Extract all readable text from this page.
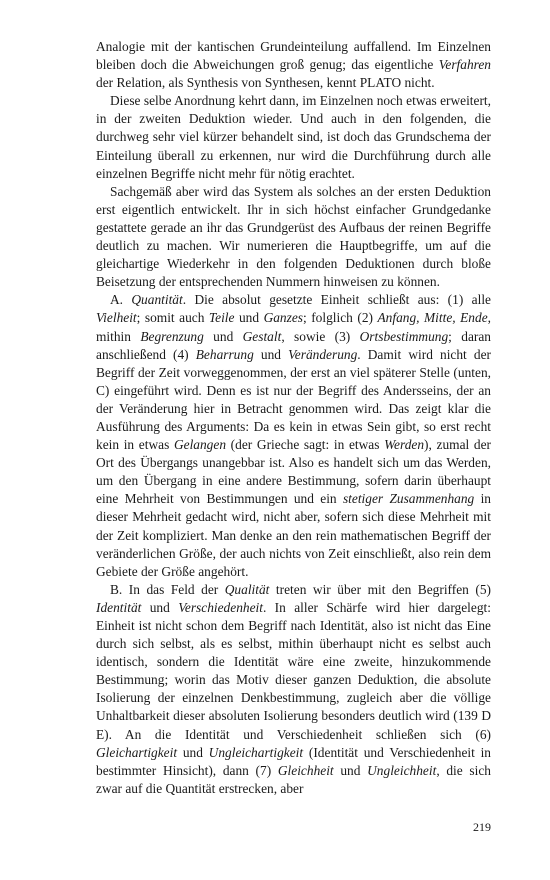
Analogie mit der kantischen Grundeinteilung auffallend. Im Einzelnen bleiben doch die Abweichungen groß genug; das eigentliche Verfahren der Relation, als Synthesis von Synthesen, kennt PLATO nicht.

Diese selbe Anordnung kehrt dann, im Einzelnen noch etwas erweitert, in der zweiten Deduktion wieder. Und auch in den folgenden, die durchweg sehr viel kürzer behandelt sind, ist doch das Grundschema der Einteilung überall zu erkennen, nur wird die Durchführung durch alle einzelnen Begriffe nicht mehr für nötig erachtet.

Sachgemäß aber wird das System als solches an der ersten Deduktion erst eigentlich entwickelt. Ihr in sich höchst einfacher Grundgedanke gestattete gerade an ihr das Grundgerüst des Aufbaus der reinen Begriffe deutlich zu machen. Wir numerieren die Hauptbegriffe, um auf die gleichartige Wiederkehr in den folgenden Deduktionen durch bloße Beisetzung der entsprechenden Nummern hinweisen zu können.

A. Quantität. Die absolut gesetzte Einheit schließt aus: (1) alle Vielheit; somit auch Teile und Ganzes; folglich (2) Anfang, Mitte, Ende, mithin Begrenzung und Gestalt, sowie (3) Ortsbestimmung; daran anschließend (4) Beharrung und Veränderung. Damit wird nicht der Begriff der Zeit vorweggenommen, der erst an viel späterer Stelle (unten, C) eingeführt wird. Denn es ist nur der Begriff des Andersseins, der an der Veränderung hier in Betracht genommen wird. Das zeigt klar die Ausführung des Arguments: Da es kein in etwas Sein gibt, so erst recht kein in etwas Gelangen (der Grieche sagt: in etwas Werden), zumal der Ort des Übergangs unangebbar ist. Also es handelt sich um das Werden, um den Übergang in eine andere Bestimmung, sofern darin überhaupt eine Mehrheit von Bestimmungen und ein stetiger Zusammenhang in dieser Mehrheit gedacht wird, nicht aber, sofern sich diese Mehrheit mit der Zeit kompliziert. Man denke an den rein mathematischen Begriff der veränderlichen Größe, der auch nichts von Zeit einschließt, also rein dem Gebiete der Größe angehört.

B. In das Feld der Qualität treten wir über mit den Begriffen (5) Identität und Verschiedenheit. In aller Schärfe wird hier dargelegt: Einheit ist nicht schon dem Begriff nach Identität, also ist nicht das Eine durch sich selbst, als es selbst, mithin überhaupt nicht es selbst auch identisch, sondern die Identität wäre eine zweite, hinzukommende Bestimmung; worin das Motiv dieser ganzen Deduktion, die absolute Isolierung der einzelnen Denkbestimmung, zugleich aber die völlige Unhaltbarkeit dieser absoluten Isolierung besonders deutlich wird (139 D E). An die Identität und Verschiedenheit schließen sich (6) Gleichartigkeit und Ungleichartigkeit (Identität und Verschiedenheit in bestimmter Hinsicht), dann (7) Gleichheit und Ungleichheit, die sich zwar auf die Quantität erstrecken, aber

219
